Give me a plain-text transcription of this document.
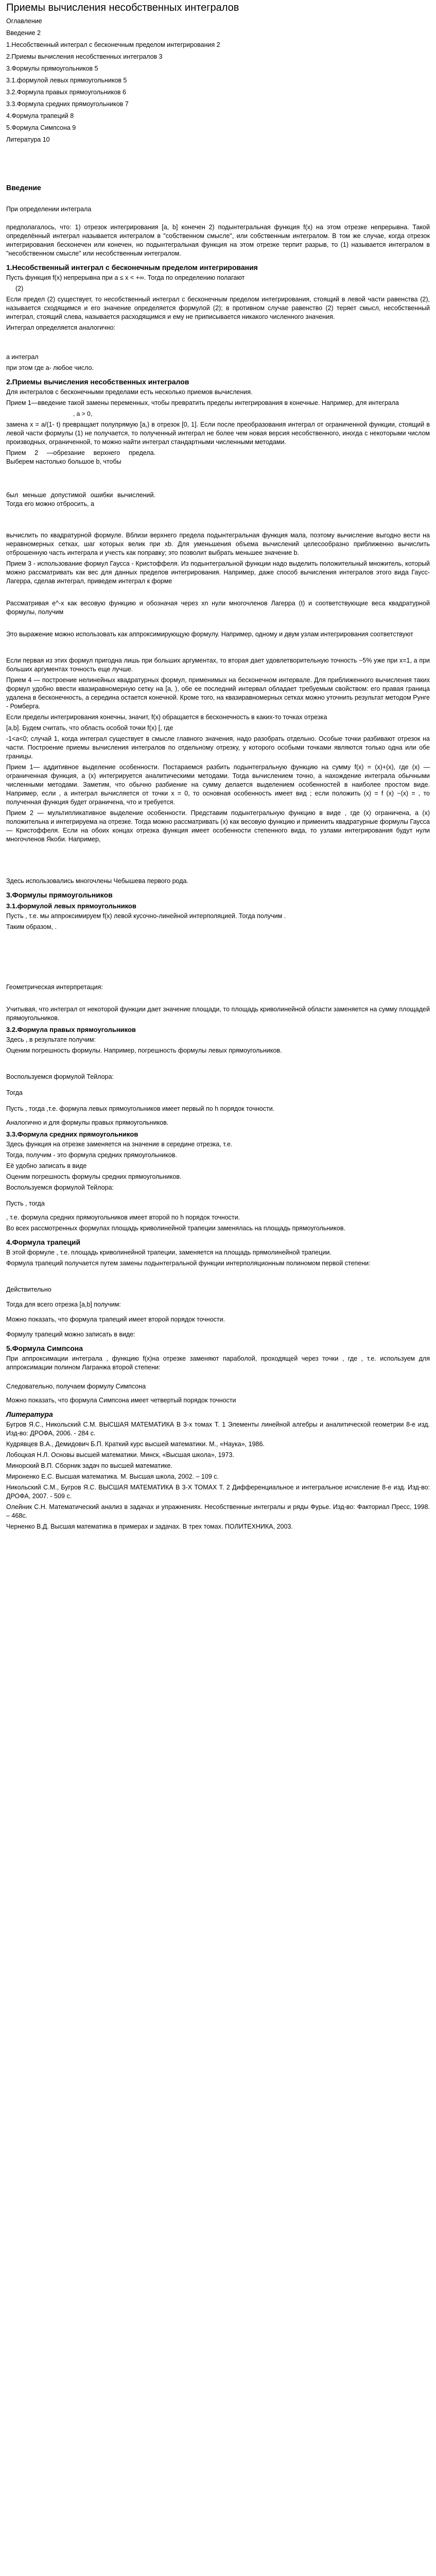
Приемы вычисления несобственных интегралов
Оглавление
Введение 2
1.Несобственный интеграл с бесконечным пределом интегрирования 2
2.Приемы вычисления несобственных интегралов 3
3.Формулы прямоугольников 5
3.1.формулой левых прямоугольников 5
3.2.Формула правых прямоугольников 6
3.3.Формула средних прямоугольников 7
4.Формула трапеций 8
5.Формула Симпсона 9
Литература 10
Введение
При определении интеграла
предполагалось, что: 1) отрезок интегрирования [a, b] конечен 2) подынтегральная функция f(x) на этом отрезке непрерывна. Такой определённый интеграл называется интегралом в "собственном смысле", или собственным интегралом. В том же случае, когда отрезок интегрирования бесконечен или конечен, но подынтегральная функция на этом отрезке терпит разрыв, то (1) называется интегралом в "несобственном смысле" или несобственным интегралом.
1.Несобственный интеграл с бесконечным пределом интегрирования
Пусть функция f(x) непрерывна при a ≤ x < +∞. Тогда по определению полагают
(2)
Если предел (2) существует, то несобственный интеграл с бесконечным пределом интегрирования, стоящий в левой части равенства (2), называется сходящимся и его значение определяется формулой (2); в противном случае равенство (2) теряет смысл, несобственный интеграл, стоящий слева, называется расходящимся и ему не приписывается никакого численного значения.
Интеграл определяется аналогично:
а интеграл
при этом где а- любое число.
2.Приемы вычисления несобственных интегралов
Для интегралов с бесконечными пределами есть несколько приемов вычисления.
Прием 1—введение такой замены переменных, чтобы превратить пределы интегрирования в конечные. Например, для интеграла
, a > 0,
замена x = a/(1- t) превращает полупрямую [a,) в отрезок [0, 1]. Если после преобразования интеграл от ограниченной функции, стоящий в левой части формулы (1) не получается, то полученный интеграл не более чем новая версия несобственного, иногда с некоторыми числом производных, ограниченной, то можно найти интеграл стандартными численными методами.
Прием 2 —обрезание верхнего предела. Выберем настолько большое b, чтобы
был меньше допустимой ошибки вычислений. Тогда его можно отбросить, а
вычислить по квадратурной формуле. Вблизи верхнего предела подынтегральная функция мала, поэтому вычисление выгодно вести на неравномерных сетках, шаг которых велик при xb. Для уменьшения объема вычислений целесообразно приближенно вычислить отброшенную часть интеграла и учесть как поправку; это позволит выбрать меньшее значение b.
Прием 3 - использование формул Гаусса - Кристоффеля. Из подынтегральной функции надо выделить положительный множитель, который можно рассматривать как вес для данных пределов интегрирования. Например, даже способ вычисления интегралов этого вида Гаусс-Лагерра, сделав интеграл, приведем интеграл к форме
Рассматривая e^-x как весовую функцию и обозначая через xn нули многочленов Лагерра (t) и соответствующие веса квадратурной формулы, получим
Это выражение можно использовать как аппроксимирующую формулу. Например, одному и двум узлам интегрирования соответствуют
Если первая из этих формул пригодна лишь при больших аргументах, то вторая дает удовлетворительную точность ~5% уже при x=1, а при больших аргументах точность еще лучше.
Прием 4 — построение нелинейных квадратурных формул, применимых на бесконечном интервале. Для приближенного вычисления таких формул удобно ввести квазиравномерную сетку на [a, ), обе ее последний интервал обладает требуемым свойством: его правая граница удалена в бесконечность, а середина остается конечной. Кроме того, на квазиравномерных сетках можно уточнить результат методом Рунге - Ромберга.
Если пределы интегрирования конечны, значит, f(x) обращается в бесконечность в каких-то точках отрезка
[a,b]. Будем считать, что область особой точки f(x) [, где
-1<a<0; случай 1, когда интеграл существует в смысле главного значения, надо разобрать отдельно. Особые точки разбивают отрезок на части. Построение приемы вычисления интегралов по отдельному отрезку, у которого особыми точками являются только одна или обе границы.
Прием 1— аддитивное выделение особенности. Постараемся разбить подынтегральную функцию на сумму f(x) = (x)+(x), где (x) — ограниченная функция, а (x) интегрируется аналитическими методами. Тогда вычислением точно, а нахождение интеграла обычными численными методами. Заметим, что обычно разбиение на сумму делается выделением особенностей в наиболее простом виде. Например, если , а интеграл вычисляется от точки x = 0, то основная особенность имеет вид ; если положить (x) = f (x) −(x) = , то полученная функция будет ограничена, что и требуется.
Прием 2 — мультипликативное выделение особенности. Представим подынтегральную функцию в виде , где (x) ограничена, а (x) положительна и интегрируема на отрезке. Тогда можно рассматривать (x) как весовую функцию и применить квадратурные формулы Гаусса — Кристоффеля. Если на обоих концах отрезка функция имеет особенности степенного вида, то узлами интегрирования будут нули многочленов Якоби. Например,
Здесь использовались многочлены Чебышева первого рода.
3.Формулы прямоугольников
3.1.формулой левых прямоугольников
Пусть , т.е. мы аппроксимируем f(x) левой кусочно-линейной интерполяцией. Тогда получим .
Таким образом, .
Геометрическая интерпретация:
Учитывая, что интеграл от некоторой функции дает значение площади, то площадь криволинейной области заменяется на сумму площадей прямоугольников.
3.2.Формула правых прямоугольников
Здесь , в результате получим:
Оценим погрешность формулы. Например, погрешность формулы левых прямоугольников.
Воспользуемся формулой Тейлора:
Тогда
Пусть , тогда ,т.е. формула левых прямоугольников имеет первый по h порядок точности.
Аналогично и для формулы правых прямоугольников.
3.3.Формула средних прямоугольников
Здесь функция на отрезке заменяется на значение в середине отрезка, т.е.
Тогда, получим - это формула средних прямоугольников.
Её удобно записать в виде
Оценим погрешность формулы средних прямоугольников.
Воспользуемся формулой Тейлора:
Пусть , тогда
, т.е. формула средних прямоугольников имеет второй по h порядок точности.
Во всех рассмотренных формулах площадь криволинейной трапеции заменялась на площадь прямоугольников.
4.Формула трапеций
В этой формуле , т.е. площадь криволинейной трапеции, заменяется на площадь прямолинейной трапеции.
Формула трапеций получается путем замены подынтегральной функции интерполяционным полиномом первой степени:
Действительно
Тогда для всего отрезка [a,b] получим:
Можно показать, что формула трапеций имеет второй порядок точности.
Формулу трапеций можно записать в виде:
5.Формула Симпсона
При аппроксимации интеграла , функцию f(x)на отрезке заменяют параболой, проходящей через точки , где , т.е. используем для аппроксимации полином Лагранжа второй степени:
Следовательно, получаем формулу Симпсона
Можно показать, что формула Симпсона имеет четвертый порядок точности
Литература
Бугров Я.С., Никольский С.М. ВЫСШАЯ МАТЕМАТИКА В 3-х томах Т. 1 Элементы линейной алгебры и аналитической геометрии 8-е изд. Изд-во: ДРОФА, 2006. - 284 с.
Кудрявцев В.А., Демидович Б.П. Краткий курс высшей математики. М., «Наука», 1986.
Лобоцкая Н.Л. Основы высшей математики. Минск, «Высшая школа», 1973.
Минорский В.П. Сборник задач по высшей математике.
Мироненко Е.С. Высшая математика. М. Высшая школа, 2002. – 109 с.
Никольский С.М., Бугров Я.С. ВЫСШАЯ МАТЕМАТИКА В 3-Х ТОМАХ Т. 2 Дифференциальное и интегральное исчисление 8-е изд. Изд-во: ДРОФА, 2007. - 509 с.
Олейник С.Н. Математический анализ в задачах и упражнениях. Несобственные интегралы и ряды Фурье. Изд-во: Факториал Пресс, 1998. – 468с.
Черненко В.Д. Высшая математика в примерах и задачах. В трех томах. ПОЛИТЕХНИКА, 2003.
